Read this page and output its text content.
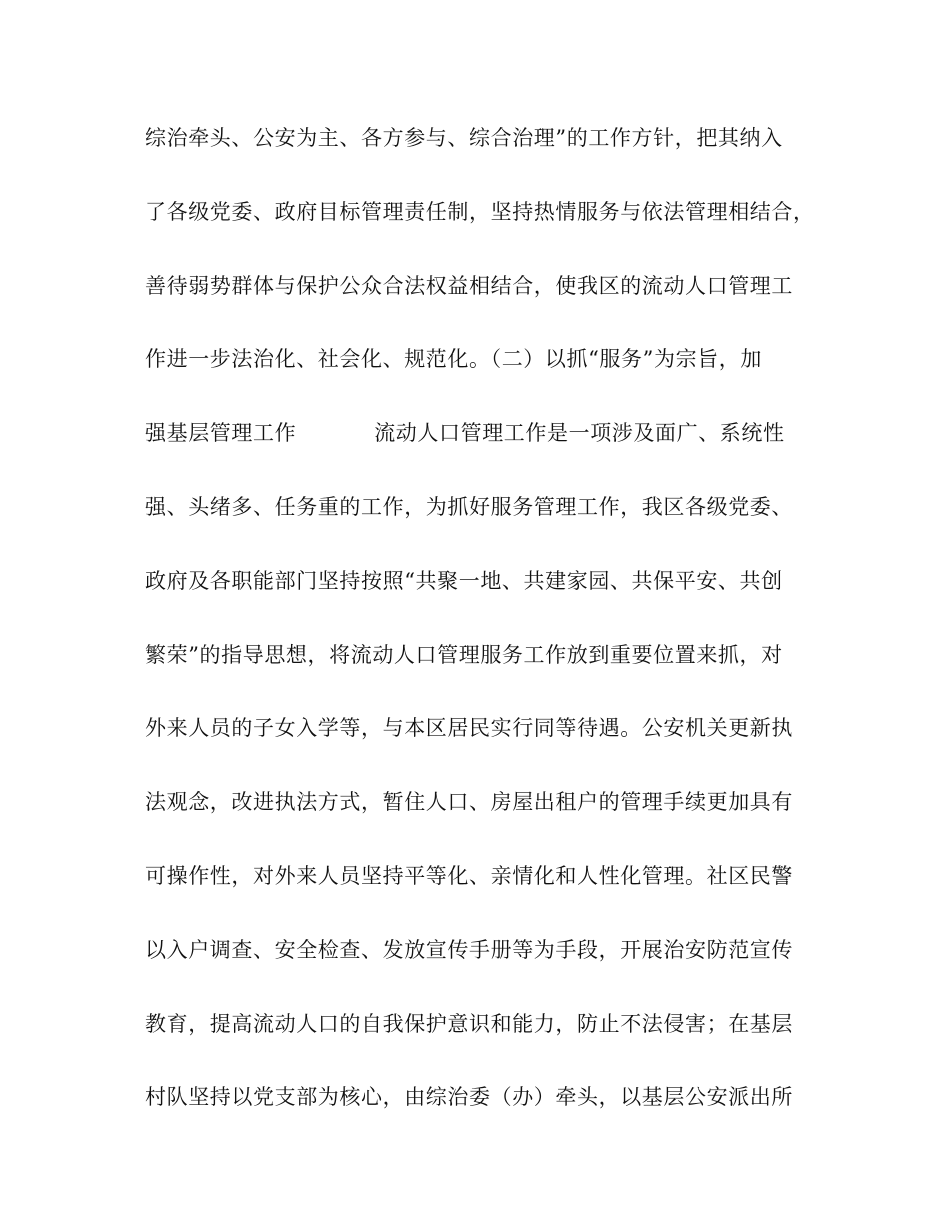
综治牵头、公安为主、各方参与、综合治理”的工作方针，把其纳入
了各级党委、政府目标管理责任制，坚持热情服务与依法管理相结合，
善待弱势群体与保护公众合法权益相结合，使我区的流动人口管理工
作进一步法治化、社会化、规范化。（二）以抓“服务”为宗旨，加
强基层管理工作	流动人口管理工作是一项涉及面广、系统性
强、头绪多、任务重的工作，为抓好服务管理工作，我区各级党委、
政府及各职能部门坚持按照“共聚一地、共建家园、共保平安、共创
繁荣”的指导思想，将流动人口管理服务工作放到重要位置来抓，对
外来人员的子女入学等，与本区居民实行同等待遇。公安机关更新执
法观念，改进执法方式，暂住人口、房屋出租户的管理手续更加具有
可操作性，对外来人员坚持平等化、亲情化和人性化管理。社区民警
以入户调查、安全检查、发放宣传手册等为手段，开展治安防范宣传
教育，提高流动人口的自我保护意识和能力，防止不法侵害；在基层
村队坚持以党支部为核心，由综治委（办）牵头，以基层公安派出所
